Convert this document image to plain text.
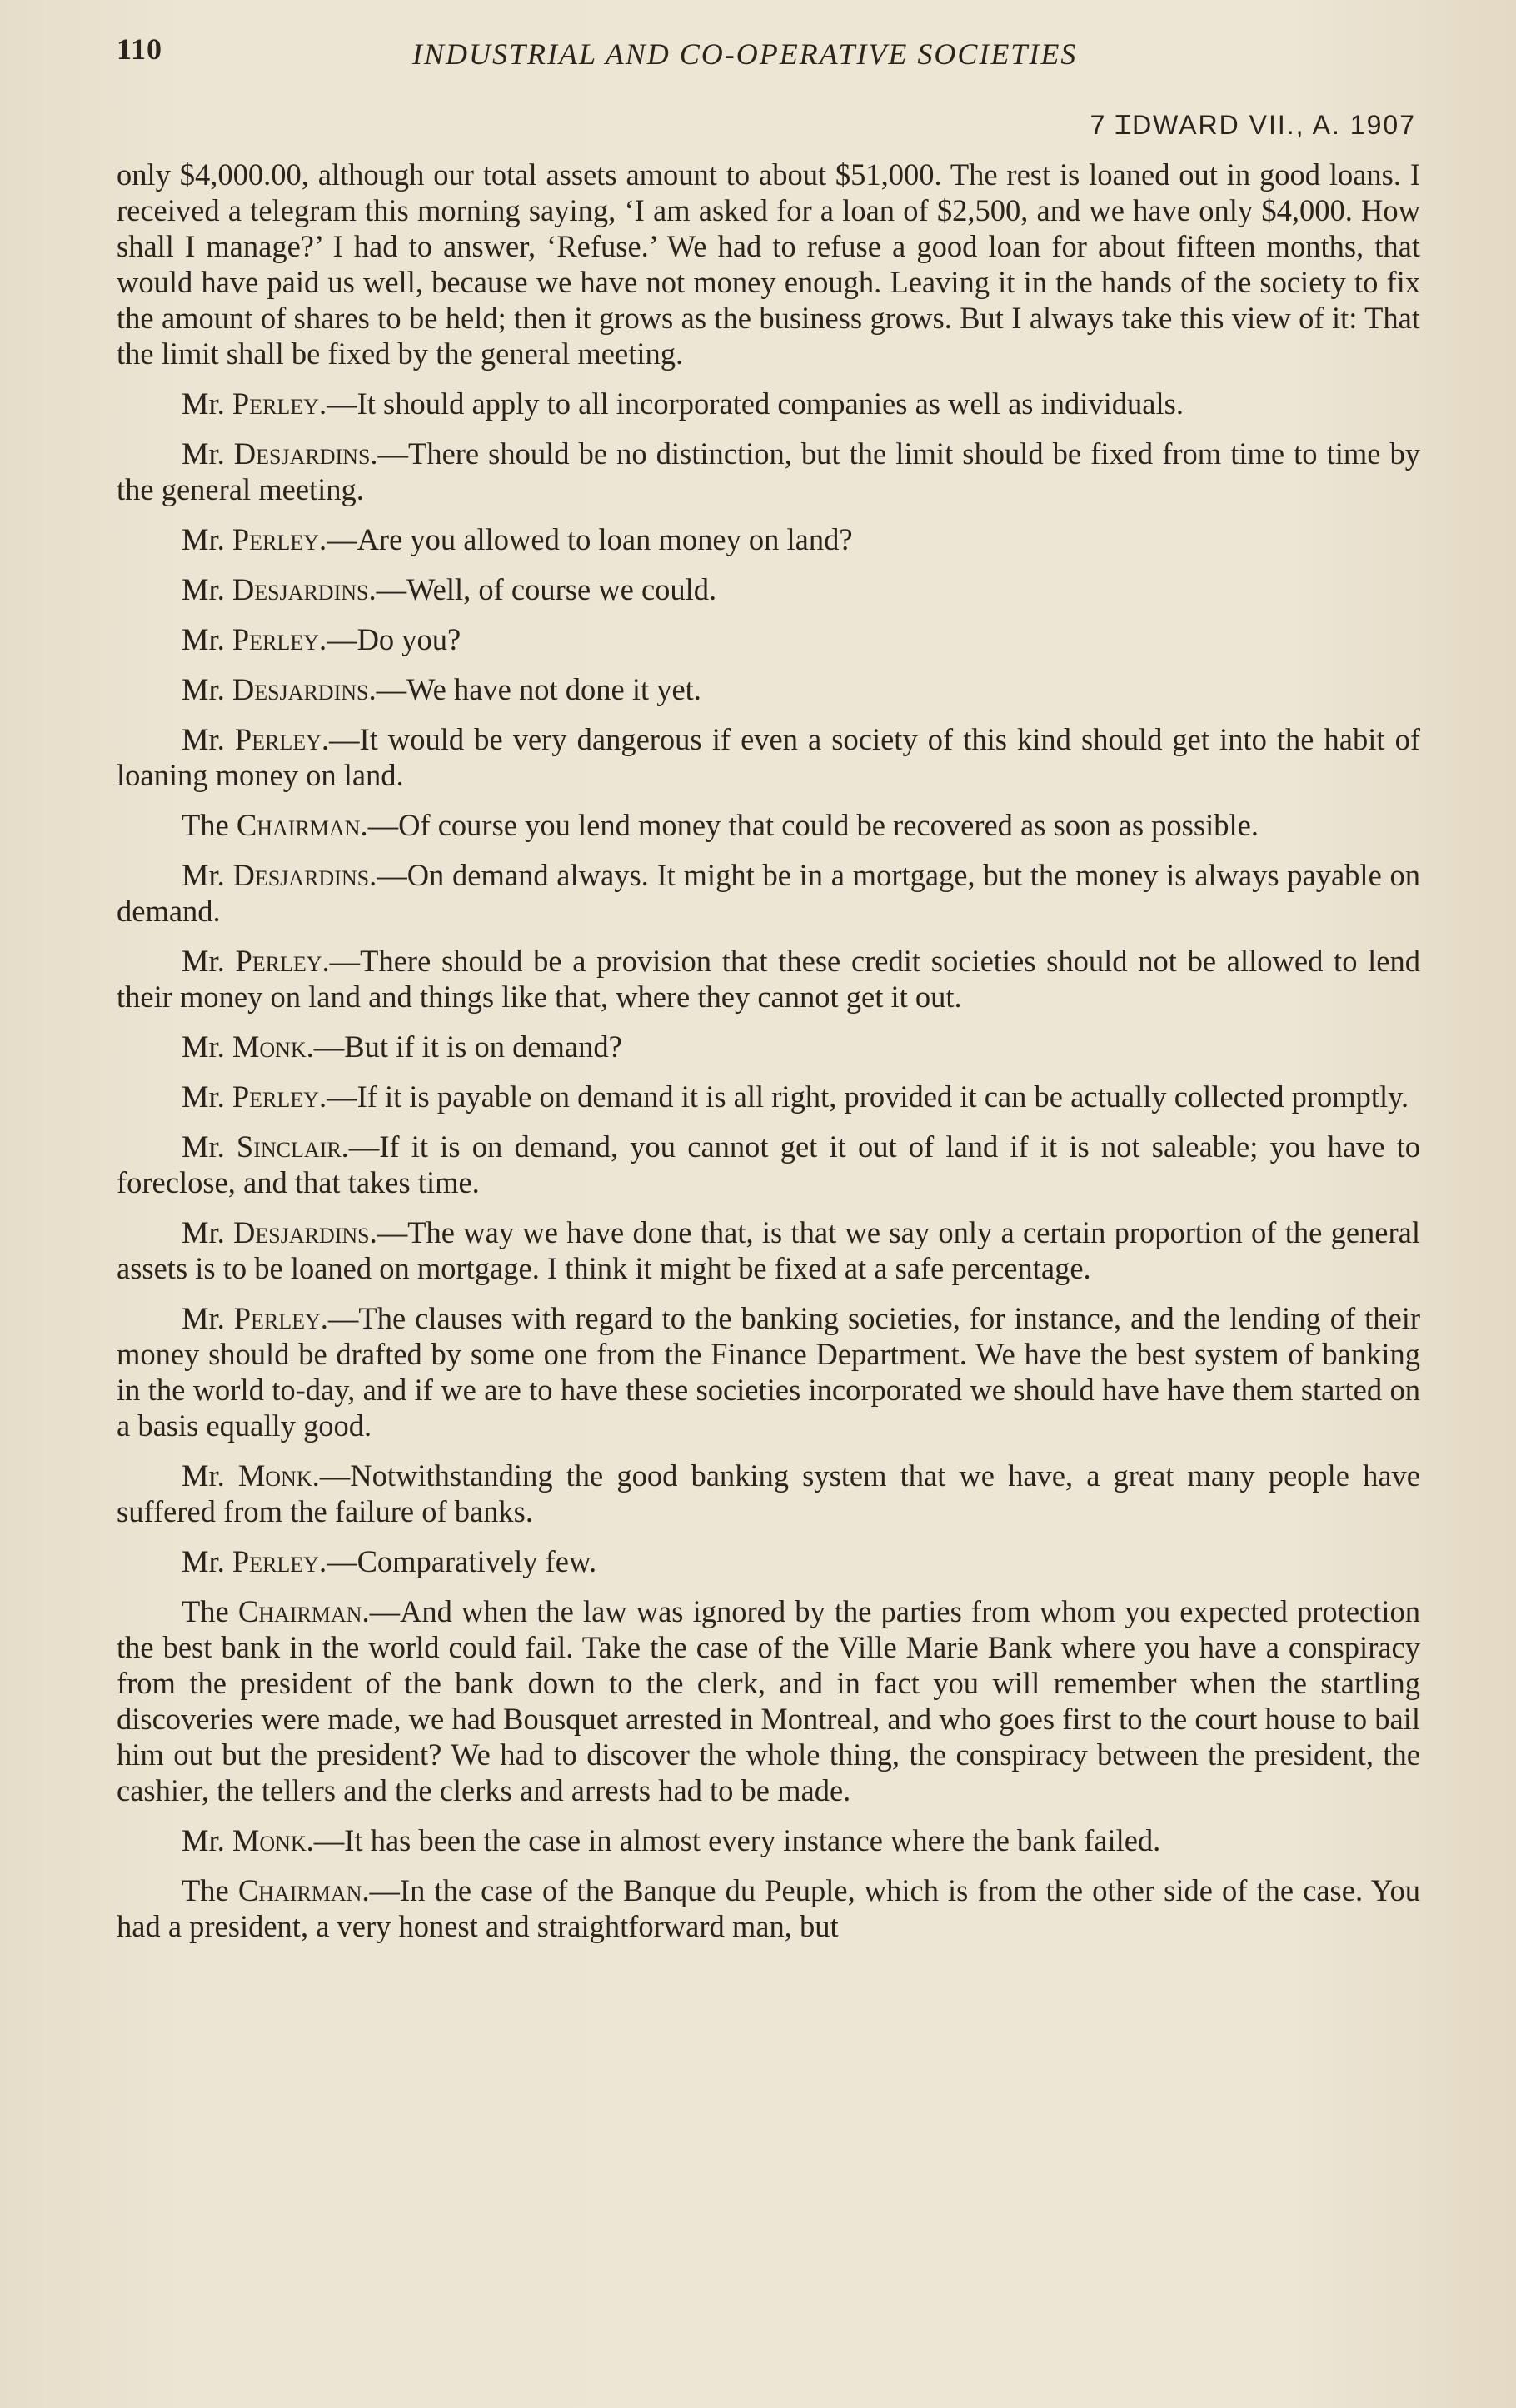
110	INDUSTRIAL AND CO-OPERATIVE SOCIETIES
7 ꞮDWARD VII., A. 1907

only $4,000.00, although our total assets amount to about $51,000. The rest is loaned out in good loans. I received a telegram this morning saying, ‘I am asked for a loan of $2,500, and we have only $4,000. How shall I manage?’ I had to answer, ‘Refuse.’ We had to refuse a good loan for about fifteen months, that would have paid us well, because we have not money enough. Leaving it in the hands of the society to fix the amount of shares to be held; then it grows as the business grows. But I always take this view of it: That the limit shall be fixed by the general meeting.

Mr. Perley.—It should apply to all incorporated companies as well as individuals.

Mr. Desjardins.—There should be no distinction, but the limit should be fixed from time to time by the general meeting.

Mr. Perley.—Are you allowed to loan money on land?

Mr. Desjardins.—Well, of course we could.

Mr. Perley.—Do you?

Mr. Desjardins.—We have not done it yet.

Mr. Perley.—It would be very dangerous if even a society of this kind should get into the habit of loaning money on land.

The Chairman.—Of course you lend money that could be recovered as soon as possible.

Mr. Desjardins.—On demand always. It might be in a mortgage, but the money is always payable on demand.

Mr. Perley.—There should be a provision that these credit societies should not be allowed to lend their money on land and things like that, where they cannot get it out.

Mr. Monk.—But if it is on demand?

Mr. Perley.—If it is payable on demand it is all right, provided it can be actually collected promptly.

Mr. Sinclair.—If it is on demand, you cannot get it out of land if it is not saleable; you have to foreclose, and that takes time.

Mr. Desjardins.—The way we have done that, is that we say only a certain proportion of the general assets is to be loaned on mortgage. I think it might be fixed at a safe percentage.

Mr. Perley.—The clauses with regard to the banking societies, for instance, and the lending of their money should be drafted by some one from the Finance Department. We have the best system of banking in the world to-day, and if we are to have these societies incorporated we should have have them started on a basis equally good.

Mr. Monk.—Notwithstanding the good banking system that we have, a great many people have suffered from the failure of banks.

Mr. Perley.—Comparatively few.

The Chairman.—And when the law was ignored by the parties from whom you expected protection the best bank in the world could fail. Take the case of the Ville Marie Bank where you have a conspiracy from the president of the bank down to the clerk, and in fact you will remember when the startling discoveries were made, we had Bousquet arrested in Montreal, and who goes first to the court house to bail him out but the president? We had to discover the whole thing, the conspiracy between the president, the cashier, the tellers and the clerks and arrests had to be made.

Mr. Monk.—It has been the case in almost every instance where the bank failed.

The Chairman.—In the case of the Banque du Peuple, which is from the other side of the case. You had a president, a very honest and straightforward man, but
